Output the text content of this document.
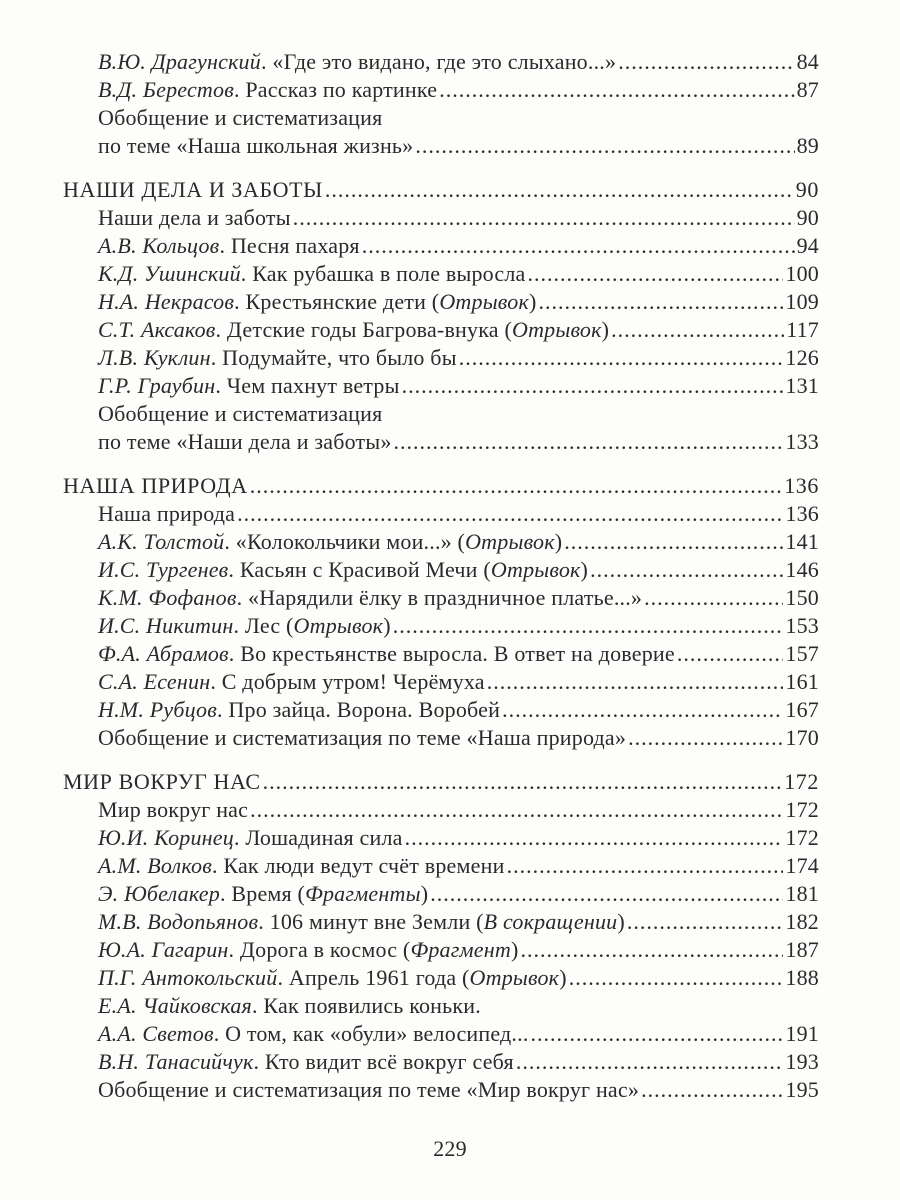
В.Ю. Драгунский. «Где это видано, где это слыхано...» .....	84
В.Д. Берестов. Рассказ по картинке .....	87
Обобщение и систематизация
по теме «Наша школьная жизнь» .....	89
НАШИ ДЕЛА И ЗАБОТЫ .....	90
Наши дела и заботы .....	90
А.В. Кольцов. Песня пахаря .....	94
К.Д. Ушинский. Как рубашка в поле выросла .....	100
Н.А. Некрасов. Крестьянские дети (Отрывок) .....	109
С.Т. Аксаков. Детские годы Багрова-внука (Отрывок) .....	117
Л.В. Куклин. Подумайте, что было бы .....	126
Г.Р. Граубин. Чем пахнут ветры .....	131
Обобщение и систематизация
по теме «Наши дела и заботы» .....	133
НАША ПРИРОДА .....	136
Наша природа .....	136
А.К. Толстой. «Колокольчики мои...» (Отрывок) .....	141
И.С. Тургенев. Касьян с Красивой Мечи (Отрывок) .....	146
К.М. Фофанов. «Нарядили ёлку в праздничное платье...» .....	150
И.С. Никитин. Лес (Отрывок) .....	153
Ф.А. Абрамов. Во крестьянстве выросла. В ответ на доверие .....	157
С.А. Есенин. С добрым утром! Черёмуха .....	161
Н.М. Рубцов. Про зайца. Ворона. Воробей .....	167
Обобщение и систематизация по теме «Наша природа» .....	170
МИР ВОКРУГ НАС .....	172
Мир вокруг нас .....	172
Ю.И. Коринец. Лошадиная сила .....	172
А.М. Волков. Как люди ведут счёт времени .....	174
Э. Юбелакер. Время (Фрагменты) .....	181
М.В. Водопьянов. 106 минут вне Земли (В сокращении) .....	182
Ю.А. Гагарин. Дорога в космос (Фрагмент) .....	187
П.Г. Антокольский. Апрель 1961 года (Отрывок) .....	188
Е.А. Чайковская. Как появились коньки.
А.А. Светов. О том, как «обули» велосипед... .....	191
В.Н. Танасийчук. Кто видит всё вокруг себя .....	193
Обобщение и систематизация по теме «Мир вокруг нас» .....	195
229
